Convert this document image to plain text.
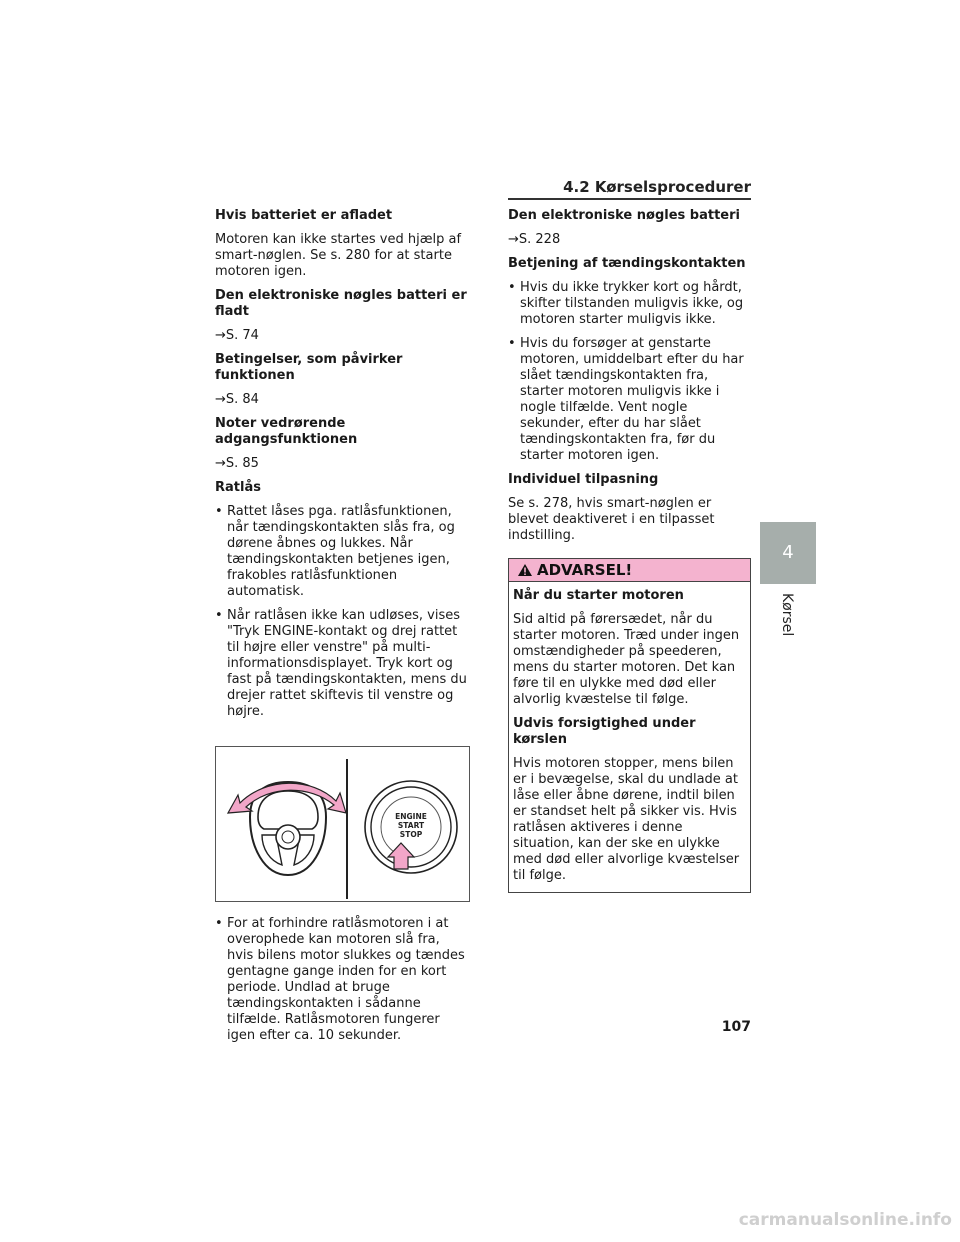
4.2 Kørselsprocedurer
Hvis batteriet er afladet
Motoren kan ikke startes ved hjælp af smart-nøglen. Se s. 280 for at starte motoren igen.
Den elektroniske nøgles batteri er fladt
→S. 74
Betingelser, som påvirker funktionen
→S. 84
Noter vedrørende adgangsfunktionen
→S. 85
Ratlås
• Rattet låses pga. ratlåsfunktionen, når tændingskontakten slås fra, og dørene åbnes og lukkes. Når tændingskontakten betjenes igen, frakobles ratlåsfunktionen automatisk.
• Når ratlåsen ikke kan udløses, vises "Tryk ENGINE-kontakt og drej rattet til højre eller venstre" på multi-informationsdisplayet. Tryk kort og fast på tændingskontakten, mens du drejer rattet skiftevis til venstre og højre.
ENGINE
START
STOP
• For at forhindre ratlåsmotoren i at overophede kan motoren slå fra, hvis bilens motor slukkes og tændes gentagne gange inden for en kort periode. Undlad at bruge tændingskontakten i sådanne tilfælde. Ratlåsmotoren fungerer igen efter ca. 10 sekunder.
Den elektroniske nøgles batteri
→S. 228
Betjening af tændingskontakten
• Hvis du ikke trykker kort og hårdt, skifter tilstanden muligvis ikke, og motoren starter muligvis ikke.
• Hvis du forsøger at genstarte motoren, umiddelbart efter du har slået tændingskontakten fra, starter motoren muligvis ikke i nogle tilfælde. Vent nogle sekunder, efter du har slået tændingskontakten fra, før du starter motoren igen.
Individuel tilpasning
Se s. 278, hvis smart-nøglen er blevet deaktiveret i en tilpasset indstilling.
ADVARSEL!
Når du starter motoren
Sid altid på førersædet, når du starter motoren. Træd under ingen omstændigheder på speederen, mens du starter motoren. Det kan føre til en ulykke med død eller alvorlig kvæstelse til følge.
Udvis forsigtighed under kørslen
Hvis motoren stopper, mens bilen er i bevægelse, skal du undlade at låse eller åbne dørene, indtil bilen er standset helt på sikker vis. Hvis ratlåsen aktiveres i denne situation, kan der ske en ulykke med død eller alvorlige kvæstelser til følge.
4
Kørsel
107
carmanualsonline.info
